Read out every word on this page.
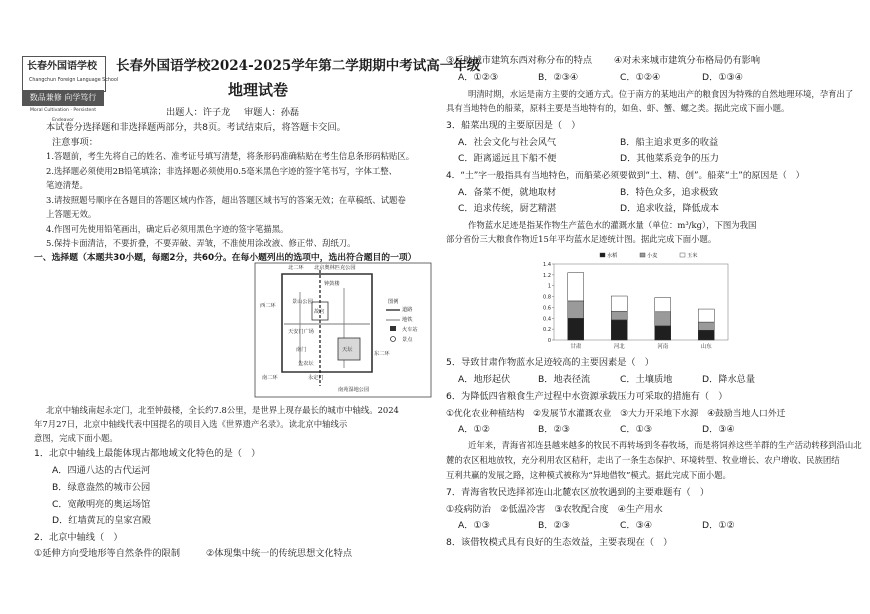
长春外国语学校
Changchun Foreign Language School
数品兼修 向学笃行
Moral Cultivation · Persistent Endeavor
长春外国语学校2024-2025学年第二学期期中考试高一年级
地理试卷
出题人：许子龙 审题人：孙磊
本试卷分选择题和非选择题两部分，共8页。考试结束后，将答题卡交回。
注意事项：
1.答题前，考生先将自己的姓名、准考证号填写清楚，将条形码准确粘贴在考生信息条形码粘贴区。
2.选择题必须使用2B铅笔填涂；非选择题必须使用0.5毫米黑色字迹的签字笔书写，字体工整、
笔迹清楚。
3.请按照题号顺序在各题目的答题区域内作答，超出答题区域书写的答案无效；在草稿纸、试题卷
上答题无效。
4.作图可先使用铅笔画出，确定后必须用黑色字迹的签字笔描黑。
5.保持卡面清洁，不要折叠，不要弄破、弄皱，不准使用涂改液、修正带、刮纸刀。
一、选择题（本题共30小题，每题2分，共60分。在每小题列出的选项中，选出符合题目的一项）
北二环 北京奥林匹克公园
钟鼓楼
图例
道路
地铁
火车站
景点
西二环
东二环
景山公园
故宫
天安门广场
南门
永定门
先农坛
天坛
南二环
南苑湿地公园
北京中轴线南起永定门，北至钟鼓楼，全长约7.8公里，是世界上现存最长的城市中轴线。2024
年7月27日，北京中轴线代表中国提名的项目入选《世界遗产名录》。读北京中轴线示
意图，完成下面小题。
1．北京中轴线上最能体现古都地域文化特色的是（　）
A．四通八达的古代运河
B．绿意盎然的城市公园
C．宽敞明亮的奥运场馆
D．红墙黄瓦的皇家宫殿
2．北京中轴线（　）
①延伸方向受地形等自然条件的限制	②体现集中统一的传统思想文化特点
③反映城市建筑东西对称分布的特点 ④对未来城市建筑分布格局仍有影响
A．①②③	B．②③④	C．①②④	D．①③④
明清时期，水运是南方主要的交通方式。位于南方的某地出产的粮食因为特殊的自然地理环境，孕育出了
具有当地特色的船菜，原料主要是当地特有的，如鱼、虾、蟹、螺之类。据此完成下面小题。
3．船菜出现的主要原因是（　）
A．社会文化与社会风气	B．船主追求更多的收益
C．距离遥远且下船不便	D．其他菜系竞争的压力
4．“土”字一般指具有当地特色，而船菜必须要做到“土、精、创”。船菜“土”的原因是（　）
A．备菜不便，就地取材	B．特色众多，追求极致
C．追求传统，厨艺精湛	D．追求收益，降低成本
作物蓝水足迹是指某作物生产蓝色水的灌溉水量（单位：m³/kg），下图为我国
部分省份三大粮食作物近15年平均蓝水足迹统计图。据此完成下面小题。
0
0.2
0.4
0.6
0.8
1
1.2
1.4
水稻	小麦	玉米
甘肃	河北	河南	山东
5．导致甘肃作物蓝水足迹较高的主要因素是（　）
A．地形起伏	B．地表径流	C．土壤质地	D．降水总量
6．为降低四省粮食生产过程中水资源承载压力可采取的措施有（　）
①优化农业种植结构　②发展节水灌溉农业　③大力开采地下水源　④鼓励当地人口外迁
A．①②	B．②③	C．①③	D．③④
近年来，青海省祁连县越来越多的牧民不再转场到冬春牧场，而是将饲养这些羊群的生产活动转移到沿山北
麓的农区租地放牧，充分利用农区秸秆，走出了一条生态保护、环境转型、牧业增长、农户增收、民族团结
互利共赢的发展之路，这种模式被称为“异地借牧”模式。据此完成下面小题。
7．青海省牧民选择祁连山北麓农区放牧遇到的主要难题有（　）
①疫病防治　②低温冷害　③农牧配合度　④生产用水
A．①③	B．②③	C．③④	D．①②
8．该借牧模式具有良好的生态效益，主要表现在（　）
